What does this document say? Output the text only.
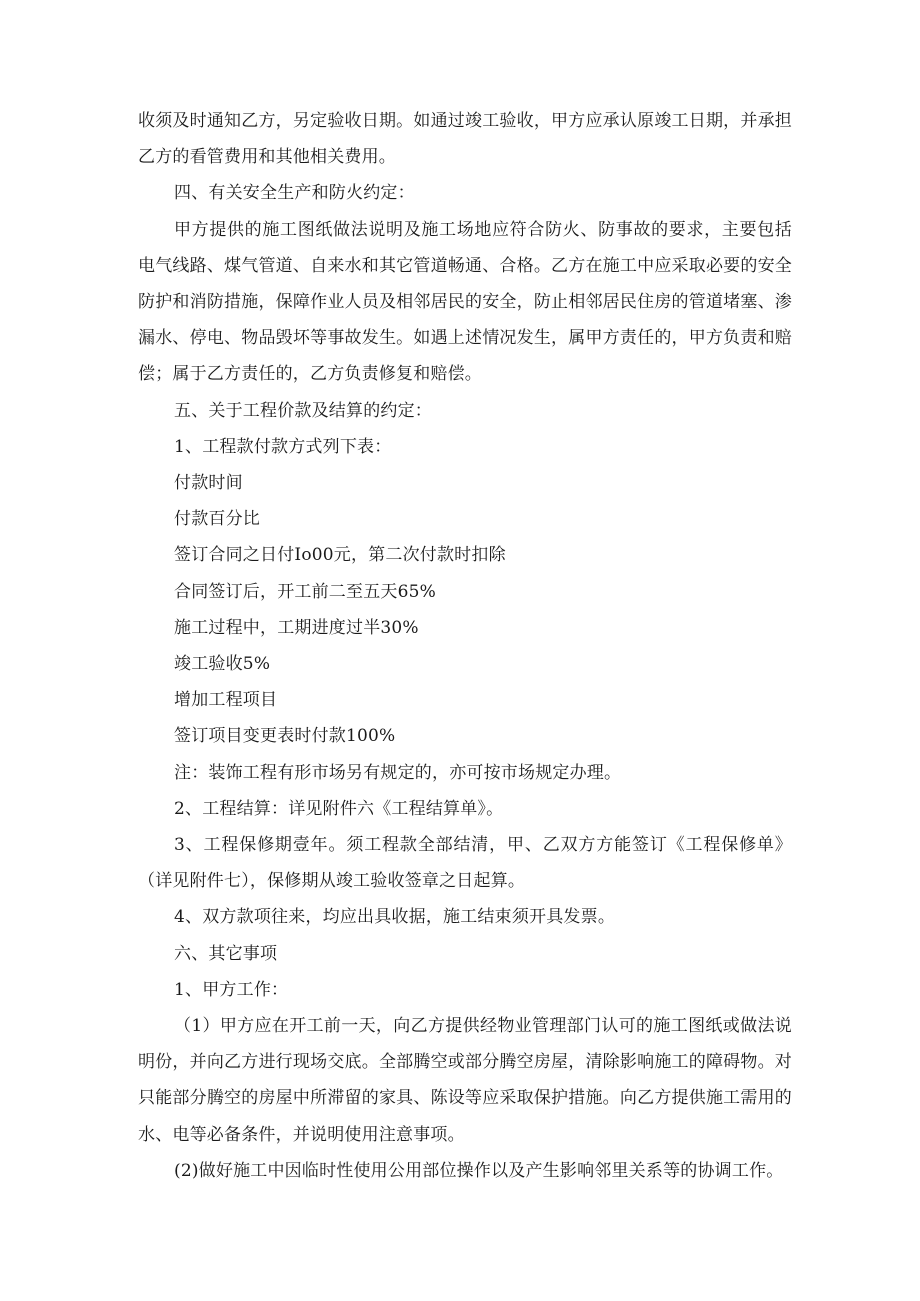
收须及时通知乙方，另定验收日期。如通过竣工验收，甲方应承认原竣工日期，并承担乙方的看管费用和其他相关费用。

四、有关安全生产和防火约定：

甲方提供的施工图纸做法说明及施工场地应符合防火、防事故的要求，主要包括电气线路、煤气管道、自来水和其它管道畅通、合格。乙方在施工中应采取必要的安全防护和消防措施，保障作业人员及相邻居民的安全，防止相邻居民住房的管道堵塞、渗漏水、停电、物品毁坏等事故发生。如遇上述情况发生，属甲方责任的，甲方负责和赔偿；属于乙方责任的，乙方负责修复和赔偿。

五、关于工程价款及结算的约定：

1、工程款付款方式列下表：

付款时间

付款百分比

签订合同之日付Io00元，第二次付款时扣除

合同签订后，开工前二至五天65%

施工过程中，工期进度过半30%

竣工验收5%

增加工程项目

签订项目变更表时付款100%

注：装饰工程有形市场另有规定的，亦可按市场规定办理。

2、工程结算：详见附件六《工程结算单》。

3、工程保修期壹年。须工程款全部结清，甲、乙双方方能签订《工程保修单》（详见附件七），保修期从竣工验收签章之日起算。

4、双方款项往来，均应出具收据，施工结束须开具发票。

六、其它事项

1、甲方工作：

（1）甲方应在开工前一天，向乙方提供经物业管理部门认可的施工图纸或做法说明份，并向乙方进行现场交底。全部腾空或部分腾空房屋，清除影响施工的障碍物。对只能部分腾空的房屋中所滞留的家具、陈设等应采取保护措施。向乙方提供施工需用的水、电等必备条件，并说明使用注意事项。

(2)做好施工中因临时性使用公用部位操作以及产生影响邻里关系等的协调工作。
